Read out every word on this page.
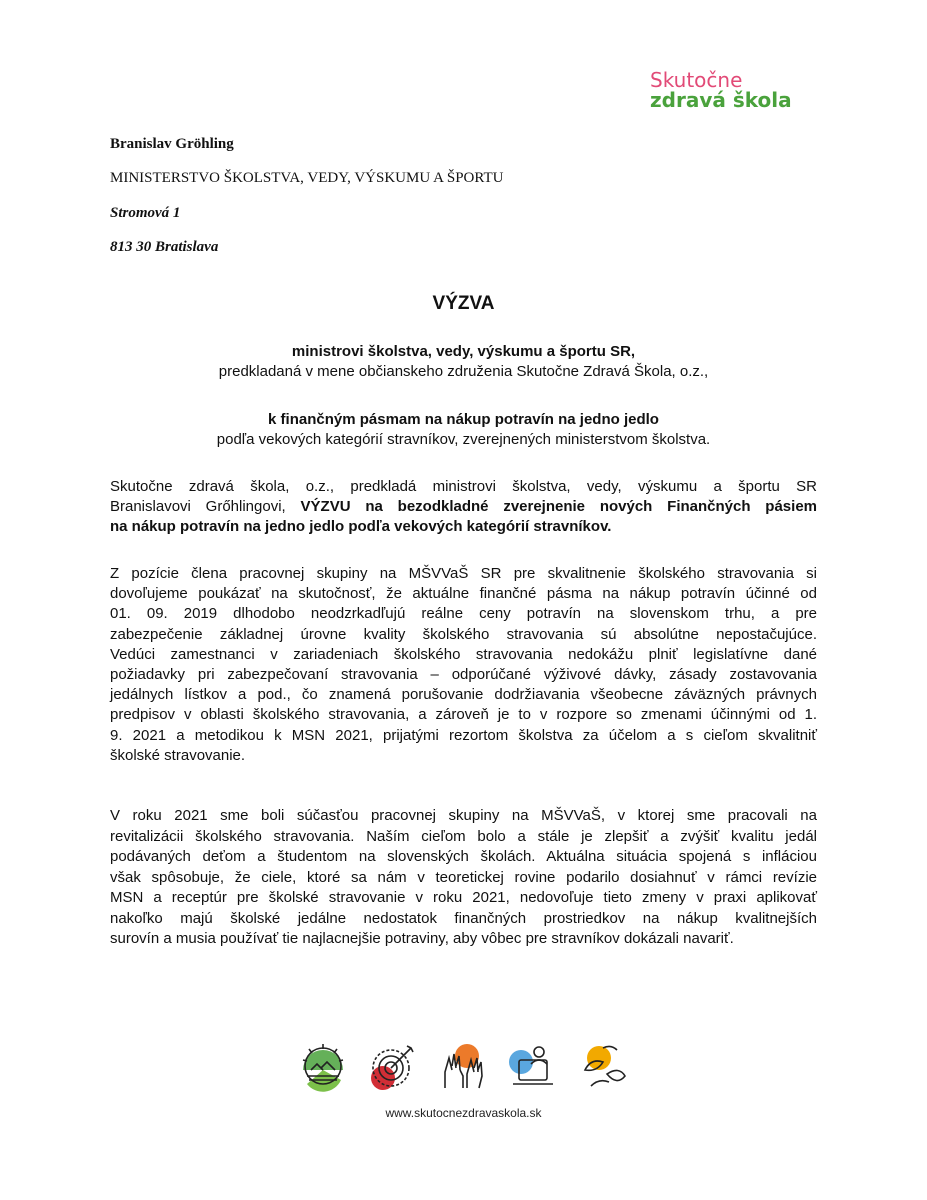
Skutočne
zdravá škola
Branislav Gröhling
MINISTERSTVO ŠKOLSTVA, VEDY, VÝSKUMU A ŠPORTU
Stromová 1
813 30 Bratislava
VÝZVA
ministrovi školstva, vedy, výskumu a športu SR,
predkladaná v mene občianskeho združenia Skutočne Zdravá Škola, o.z.,
k finančným pásmam na nákup potravín na jedno jedlo
podľa vekových kategórií stravníkov, zverejnených ministerstvom školstva.
Skutočne zdravá škola, o.z., predkladá ministrovi školstva, vedy, výskumu a športu SR
Branislavovi Grőhlingovi, VÝZVU na bezodkladné zverejnenie nových Finančných pásiem
na nákup potravín na jedno jedlo podľa vekových kategórií stravníkov.
Z pozície člena pracovnej skupiny na MŠVVaŠ SR pre skvalitnenie školského stravovania si
dovoľujeme poukázať na skutočnosť, že aktuálne finančné pásma na nákup potravín účinné od
01. 09. 2019 dlhodobo neodzrkadľujú reálne ceny potravín na slovenskom trhu, a pre
zabezpečenie základnej úrovne kvality školského stravovania sú absolútne nepostačujúce.
Vedúci zamestnanci v zariadeniach školského stravovania nedokážu plniť legislatívne dané
požiadavky pri zabezpečovaní stravovania – odporúčané výživové dávky, zásady zostavovania
jedálnych lístkov a pod., čo znamená porušovanie dodržiavania všeobecne záväzných právnych
predpisov v oblasti školského stravovania, a zároveň je to v rozpore so zmenami účinnými od 1.
9. 2021 a metodikou k MSN 2021, prijatými rezortom školstva za účelom a s cieľom skvalitniť
školské stravovanie.
V roku 2021 sme boli súčasťou pracovnej skupiny na MŠVVaŠ, v ktorej sme pracovali na
revitalizácii školského stravovania. Naším cieľom bolo a stále je zlepšiť a zvýšiť kvalitu jedál
podávaných deťom a študentom na slovenských školách. Aktuálna situácia spojená s infláciou
však spôsobuje, že ciele, ktoré sa nám v teoretickej rovine podarilo dosiahnuť v rámci revízie
MSN a receptúr pre školské stravovanie v roku 2021, nedovoľuje tieto zmeny v praxi aplikovať
nakoľko majú školské jedálne nedostatok finančných prostriedkov na nákup kvalitnejších
surovín a musia používať tie najlacnejšie potraviny, aby vôbec pre stravníkov dokázali navariť.
www.skutocnezdravaskola.sk
